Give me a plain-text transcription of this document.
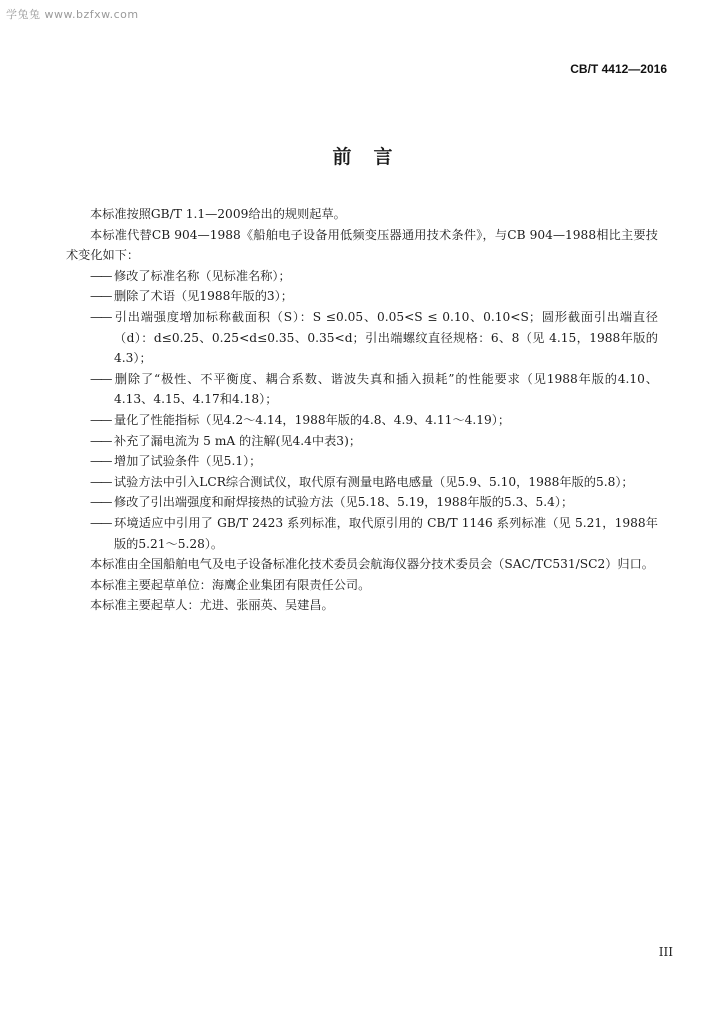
学兔兔 www.bzfxw.com
CB/T 4412—2016
前言

本标准按照GB/T 1.1—2009给出的规则起草。

本标准代替CB 904—1988《船舶电子设备用低频变压器通用技术条件》，与CB 904—1988相比主要技术变化如下：

—— 修改了标准名称（见标准名称）；

—— 删除了术语（见1988年版的3）；

—— 引出端强度增加标称截面积（S）：S ≤0.05、0.05<S ≤ 0.10、0.10<S；圆形截面引出端直径（d）：d≤0.25、0.25<d≤0.35、0.35<d；引出端螺纹直径规格：6、8（见 4.15，1988年版的4.3）；

—— 删除了“极性、不平衡度、耦合系数、谐波失真和插入损耗”的性能要求（见1988年版的4.10、4.13、4.15、4.17和4.18）；

—— 量化了性能指标（见4.2～4.14，1988年版的4.8、4.9、4.11～4.19）；

—— 补充了漏电流为 5 mA 的注解(见4.4中表3)；

—— 增加了试验条件（见5.1）；

—— 试验方法中引入LCR综合测试仪，取代原有测量电路电感量（见5.9、5.10，1988年版的5.8）；

—— 修改了引出端强度和耐焊接热的试验方法（见5.18、5.19，1988年版的5.3、5.4）；

—— 环境适应中引用了 GB/T 2423 系列标准，取代原引用的 CB/T 1146 系列标准（见 5.21，1988年版的5.21～5.28）。

本标准由全国船舶电气及电子设备标准化技术委员会航海仪器分技术委员会（SAC/TC531/SC2）归口。

本标准主要起草单位：海鹰企业集团有限责任公司。

本标准主要起草人：尤进、张丽英、吴建昌。

III
